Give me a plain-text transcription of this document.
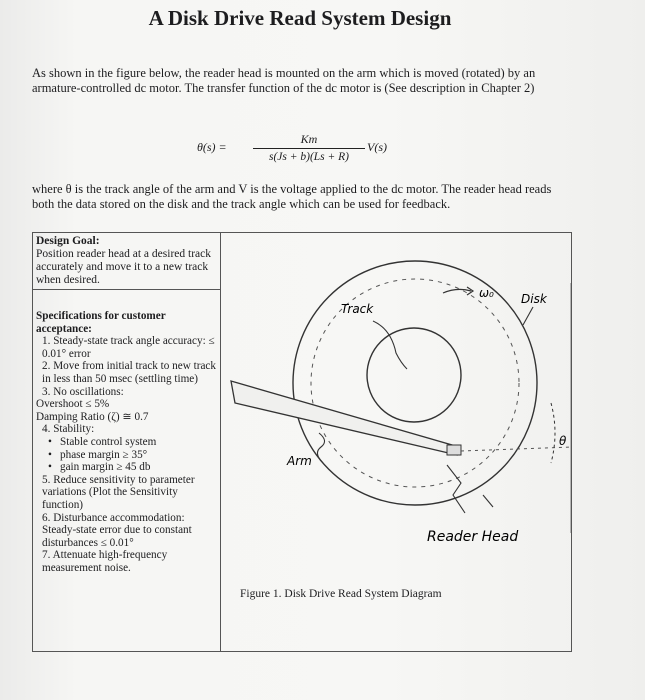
A Disk Drive Read System Design
As shown in the figure below, the reader head is mounted on the arm which is moved (rotated) by an armature-controlled dc motor. The transfer function of the dc motor is (See description in Chapter 2)
θ(s) =
Km
s(Js + b)(Ls + R)
V(s)
where θ is the track angle of the arm and V is the voltage applied to the dc motor. The reader head reads both the data stored on the disk and the track angle which can be used for feedback.
Design Goal:
Position reader head at a desired track accurately and move it to a new track when desired.
Specifications for customer acceptance:
1. Steady-state track angle accuracy: ≤ 0.01° error
2. Move from initial track to new track in less than 50 msec (settling time)
3. No oscillations:
Overshoot ≤ 5%
Damping Ratio (ζ) ≅ 0.7
4. Stability:
• Stable control system
• phase margin ≥ 35°
• gain margin ≥ 45 db
5. Reduce sensitivity to parameter variations (Plot the Sensitivity function)
6. Disturbance accommodation: Steady-state error due to constant disturbances ≤ 0.01°
7. Attenuate high-frequency measurement noise.
Track
Disk
ω₀
Arm
θ
Reader Head
Figure 1. Disk Drive Read System Diagram
